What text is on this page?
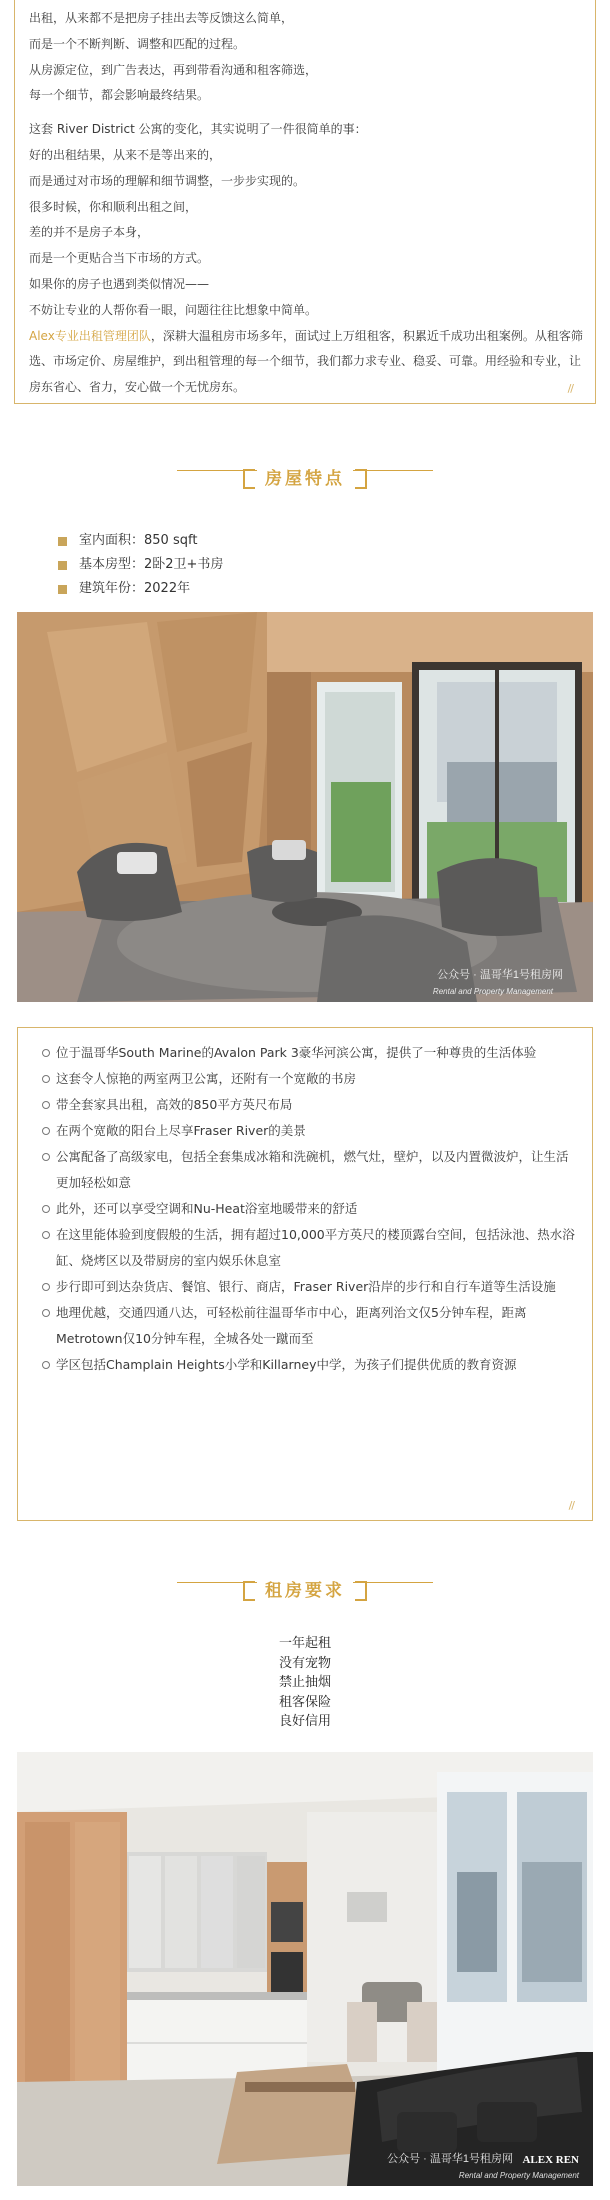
出租，从来都不是把房子挂出去等反馈这么简单，
而是一个不断判断、调整和匹配的过程。
从房源定位，到广告表达，再到带看沟通和租客筛选，
每一个细节，都会影响最终结果。
这套 River District 公寓的变化，其实说明了一件很简单的事：
好的出租结果，从来不是等出来的，
而是通过对市场的理解和细节调整，一步步实现的。
很多时候，你和顺利出租之间，
差的并不是房子本身，
而是一个更贴合当下市场的方式。
如果你的房子也遇到类似情况——
不妨让专业的人帮你看一眼，问题往往比想象中简单。
Alex专业出租管理团队，深耕大温租房市场多年，面试过上万组租客，积累近千成功出租案例。从租客筛选、市场定价、房屋维护，到出租管理的每一个细节，我们都力求专业、稳妥、可靠。用经验和专业，让房东省心、省力，安心做一个无忧房东。	//
房屋特点
室内面积：850 sqft
基本房型：2卧2卫+书房
建筑年份：2022年
公众号 · 温哥华1号租房网
Rental and Property Management
位于温哥华South Marine的Avalon Park 3豪华河滨公寓，提供了一种尊贵的生活体验
这套令人惊艳的两室两卫公寓，还附有一个宽敞的书房
带全套家具出租，高效的850平方英尺布局
在两个宽敞的阳台上尽享Fraser River的美景
公寓配备了高级家电，包括全套集成冰箱和洗碗机，燃气灶，壁炉，以及内置微波炉，让生活更加轻松如意
此外，还可以享受空调和Nu-Heat浴室地暖带来的舒适
在这里能体验到度假般的生活，拥有超过10,000平方英尺的楼顶露台空间，包括泳池、热水浴缸、烧烤区以及带厨房的室内娱乐休息室
步行即可到达杂货店、餐馆、银行、商店，Fraser River沿岸的步行和自行车道等生活设施
地理优越，交通四通八达，可轻松前往温哥华市中心，距离列治文仅5分钟车程，距离Metrotown仅10分钟车程，全城各处一蹴而至
学区包括Champlain Heights小学和Killarney中学，为孩子们提供优质的教育资源
//
租房要求
一年起租
没有宠物
禁止抽烟
租客保险
良好信用
公众号 · 温哥华1号租房网 ALEX REN
Rental and Property Management
